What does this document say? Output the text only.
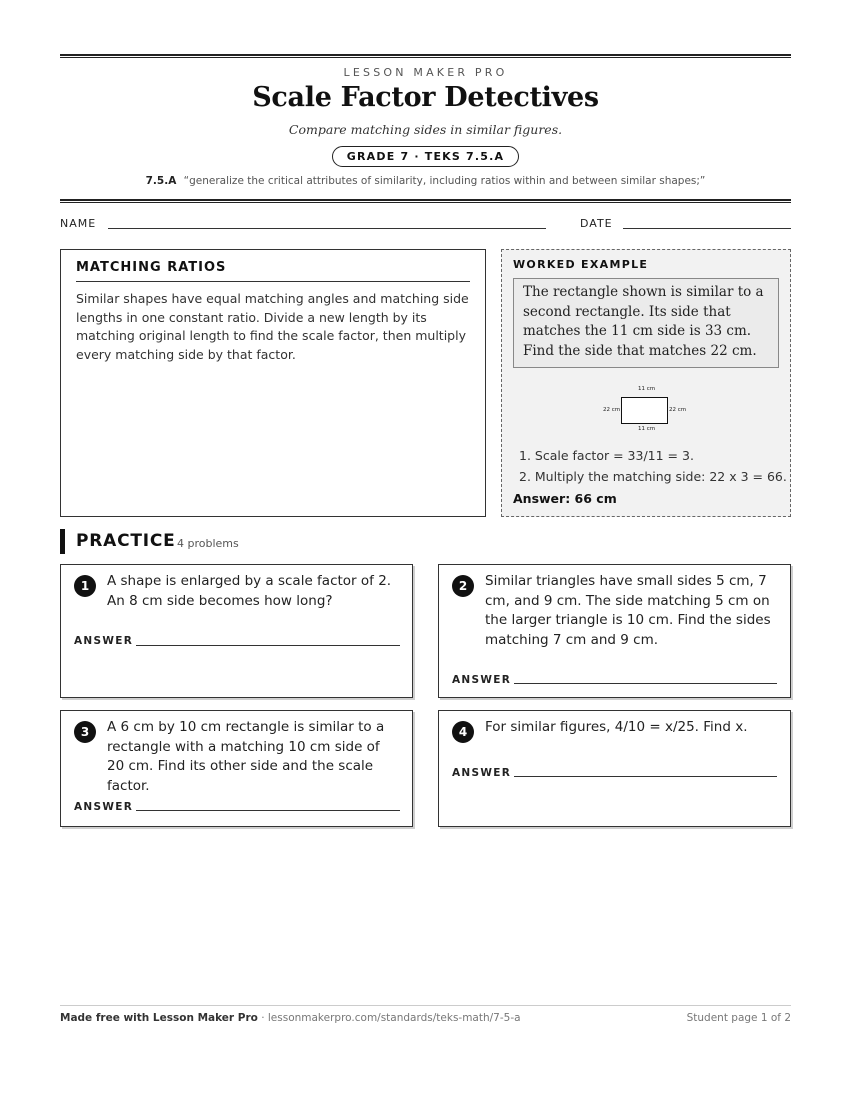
LESSON MAKER PRO
Scale Factor Detectives
Compare matching sides in similar figures.
GRADE 7 · TEKS 7.5.A
7.5.A “generalize the critical attributes of similarity, including ratios within and between similar shapes;”
NAME	DATE
MATCHING RATIOS
Similar shapes have equal matching angles and matching side lengths in one constant ratio. Divide a new length by its matching original length to find the scale factor, then multiply every matching side by that factor.
WORKED EXAMPLE
The rectangle shown is similar to a second rectangle. Its side that matches the 11 cm side is 33 cm. Find the side that matches 22 cm.
11 cm
22 cm	22 cm
11 cm
1. Scale factor = 33/11 = 3.
2. Multiply the matching side: 22 x 3 = 66.
Answer: 66 cm
PRACTICE 4 problems
1	A shape is enlarged by a scale factor of 2. An 8 cm side becomes how long?
ANSWER
2	Similar triangles have small sides 5 cm, 7 cm, and 9 cm. The side matching 5 cm on the larger triangle is 10 cm. Find the sides matching 7 cm and 9 cm.
ANSWER
3	A 6 cm by 10 cm rectangle is similar to a rectangle with a matching 10 cm side of 20 cm. Find its other side and the scale factor.
ANSWER
4	For similar figures, 4/10 = x/25. Find x.
ANSWER
Made free with Lesson Maker Pro · lessonmakerpro.com/standards/teks-math/7-5-a	Student page 1 of 2
